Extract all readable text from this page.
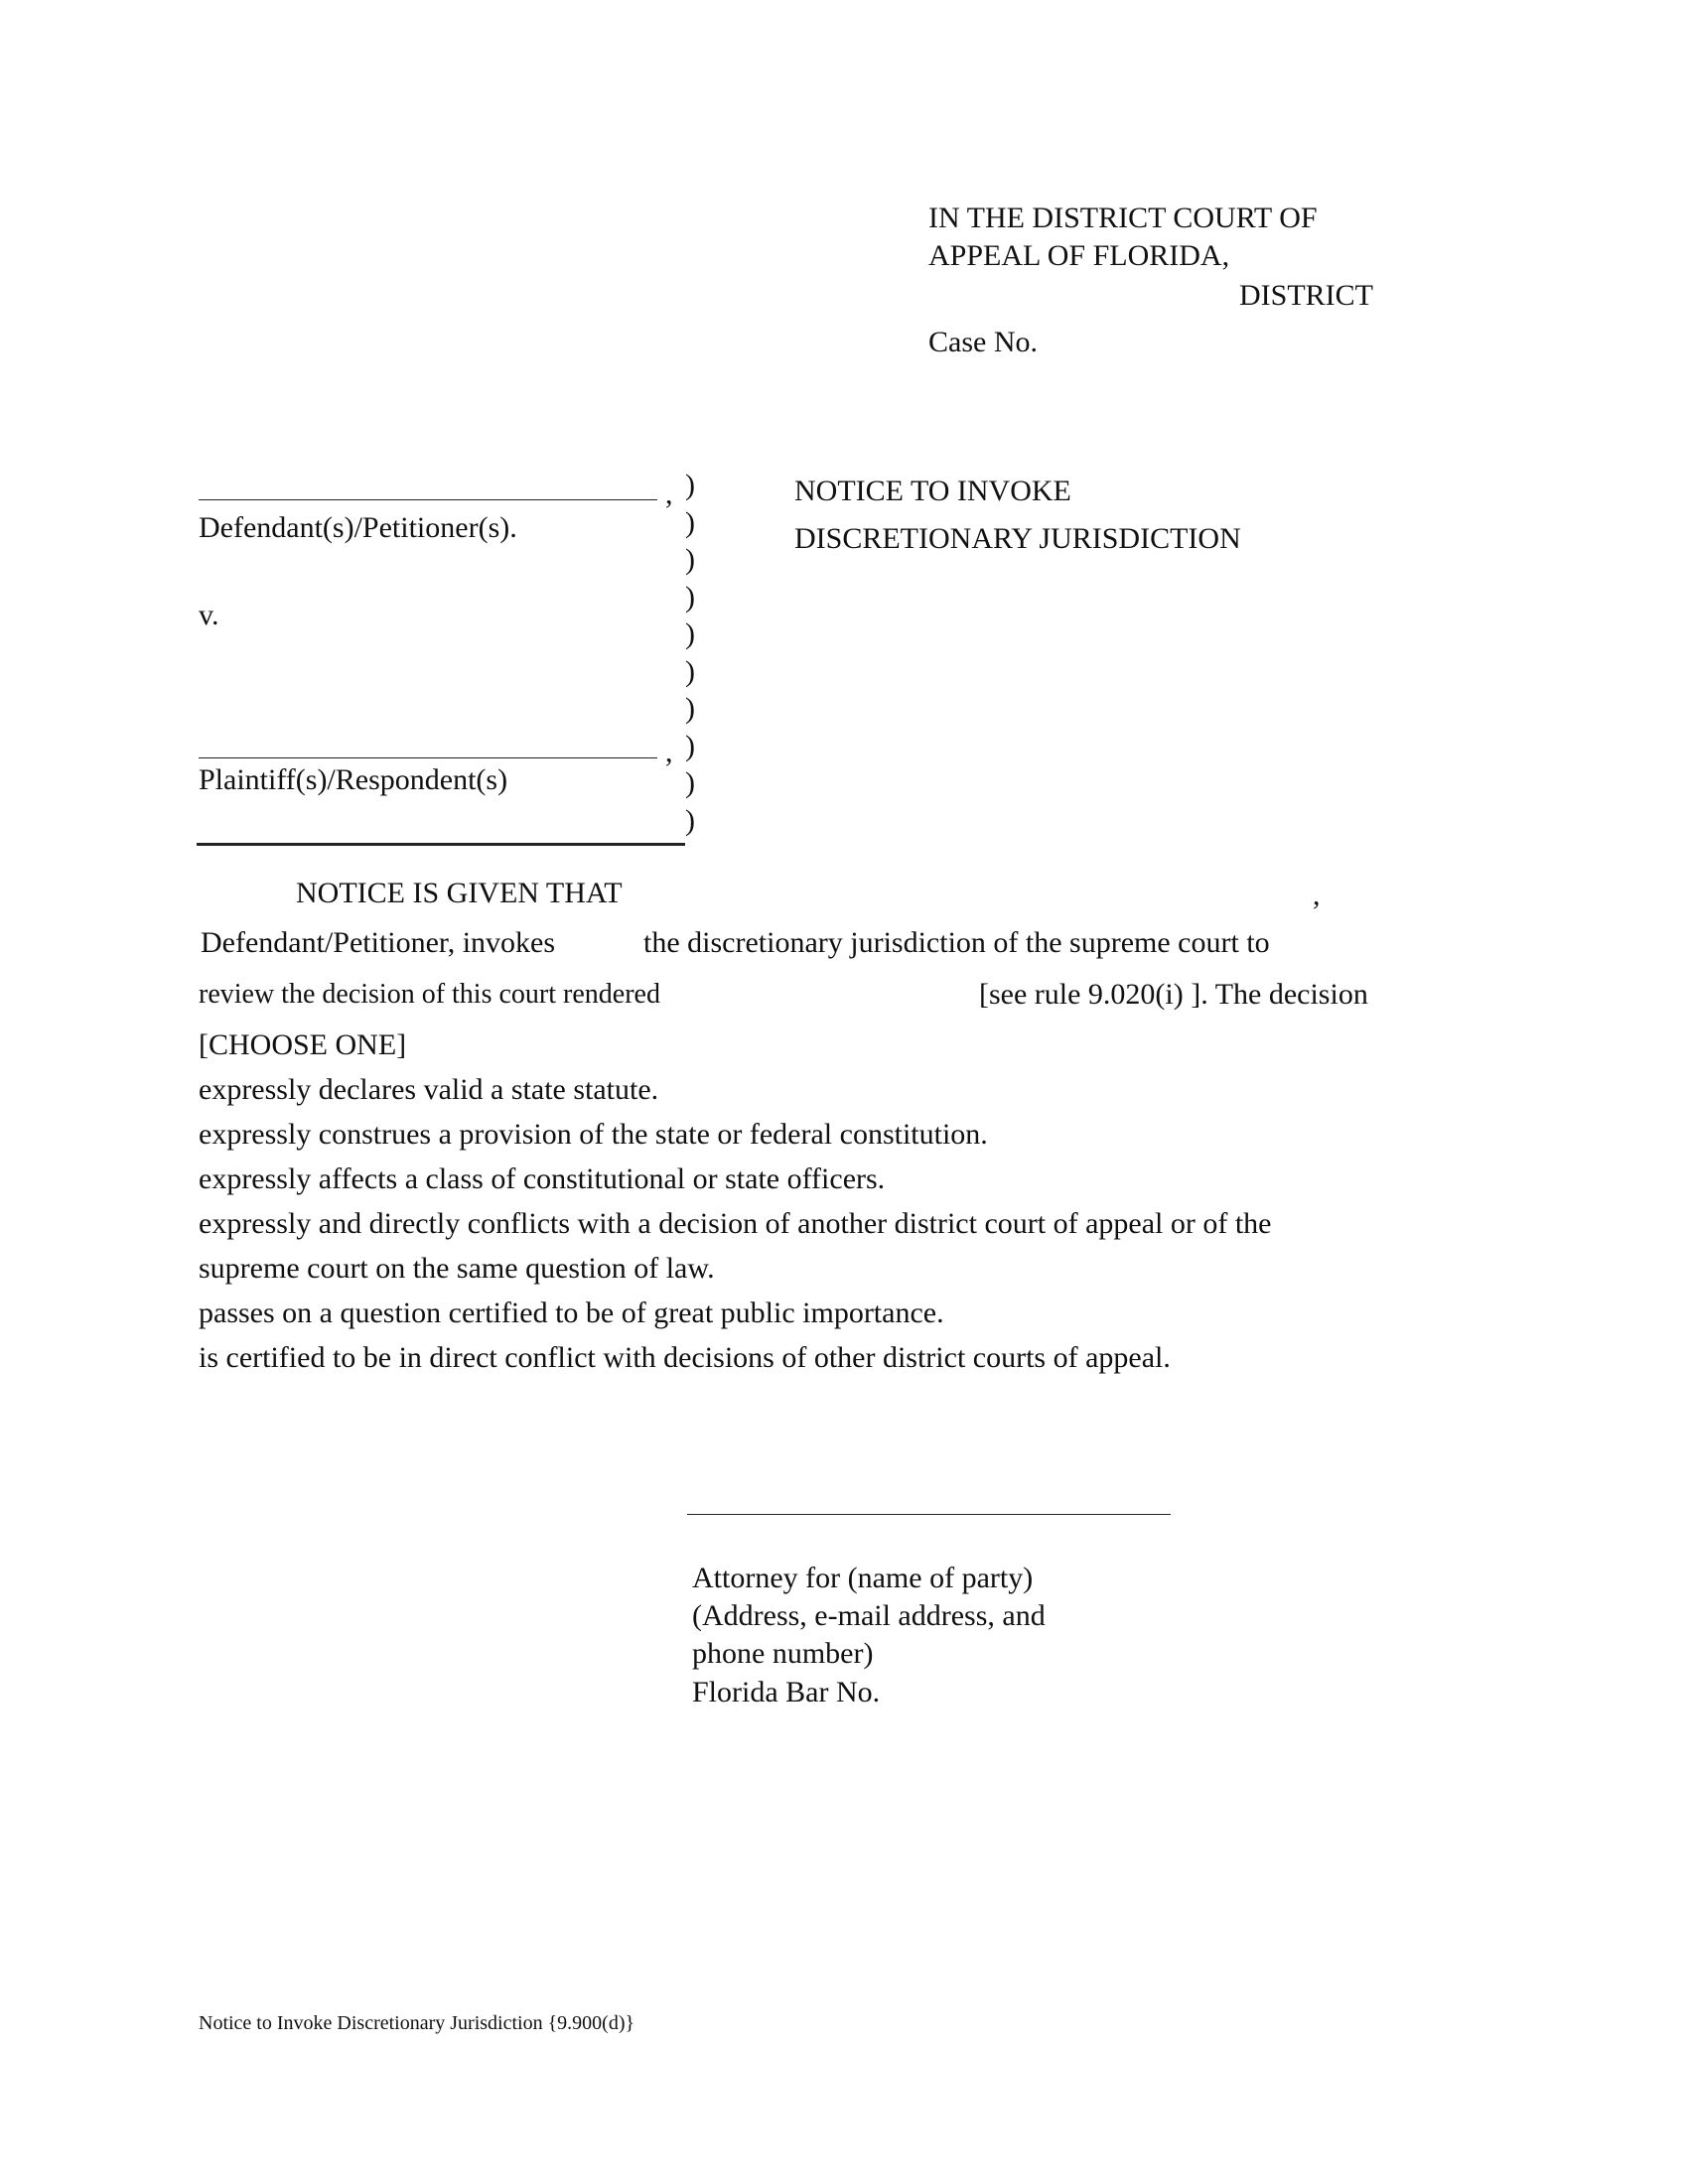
IN THE DISTRICT COURT OF
APPEAL OF FLORIDA,
DISTRICT
Case No.
,
Defendant(s)/Petitioner(s).
v.
,
Plaintiff(s)/Respondent(s)
)
)
)
)
)
)
)
)
)
)
NOTICE TO INVOKE
DISCRETIONARY JURISDICTION
NOTICE IS GIVEN THAT	,
Defendant/Petitioner, invokes	the discretionary jurisdiction of the supreme court to
review the decision of this court rendered	[see rule 9.020(i) ]. The decision
[CHOOSE ONE]
expressly declares valid a state statute.
expressly construes a provision of the state or federal constitution.
expressly affects a class of constitutional or state officers.
expressly and directly conflicts with a decision of another district court of appeal or of the
supreme court on the same question of law.
passes on a question certified to be of great public importance.
is certified to be in direct conflict with decisions of other district courts of appeal.
Attorney for (name of party)
(Address, e-mail address, and
phone number)
Florida Bar No.
Notice to Invoke Discretionary Jurisdiction {9.900(d)}
